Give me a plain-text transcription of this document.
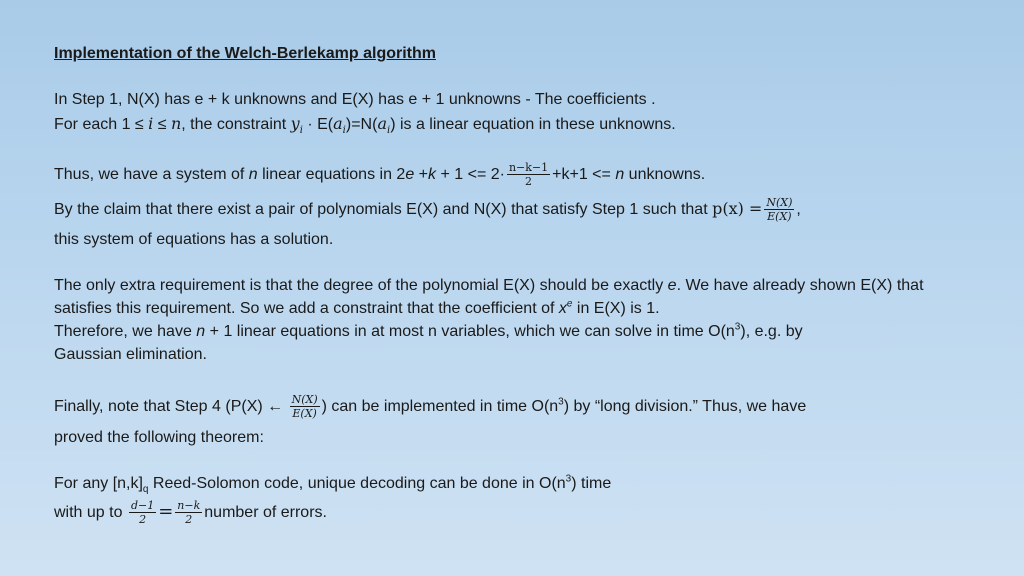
Implementation of the Welch-Berlekamp algorithm
In Step 1, N(X) has e + k unknowns and E(X) has e + 1 unknowns - The coefficients .
For each 1 ≤ i ≤ n, the constraint $y_i \cdot E(a_i)=N(a_i)$ is a linear equation in these unknowns.
Thus, we have a system of n linear equations in $2e +k + 1 <= 2\cdot \frac{n-k-1}{2} +k+1 <= n$ unknowns.
By the claim that there exist a pair of polynomials E(X) and N(X) that satisfy Step 1 such that $p(x) = \frac{N(X)}{E(X)}$ ,
this system of equations has a solution.
The only extra requirement is that the degree of the polynomial E(X) should be exactly e. We have already shown E(X) that
satisfies this requirement. So we add a constraint that the coefficient of $x^e$ in E(X) is 1.
Therefore, we have n + 1 linear equations in at most n variables, which we can solve in time $O(n^3)$, e.g. by
Gaussian elimination.
Finally, note that Step 4 (P(X) ← $\frac{N(X)}{E(X)}$ ) can be implemented in time $O(n^3)$ by “long division.” Thus, we have
proved the following theorem:
For any $[n,k]_q$ Reed-Solomon code, unique decoding can be done in $O(n^3)$ time
with up to $\frac{d-1}{2} = \frac{n-k}{2}$ number of errors.
